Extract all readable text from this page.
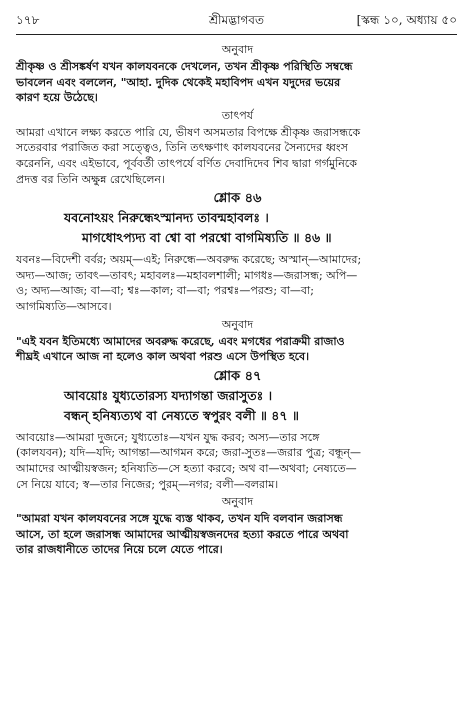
১৭৮	শ্রীমদ্ভাগবত	[স্কন্ধ ১০, অধ্যায় ৫০
অনুবাদ

শ্রীকৃষ্ণ ও শ্রীসঙ্কর্ষণ যখন কালযবনকে দেখলেন, তখন শ্রীকৃষ্ণ পরিস্থিতি সম্বন্ধে

ভাবলেন এবং বললেন, "আহা. দুদিক থেকেই মহাবিপদ এখন যদুদের ভয়ের

কারণ হয়ে উঠেছে।

তাৎপর্য

আমরা এখানে লক্ষ্য করতে পারি যে, ভীষণ অসমতার বিপক্ষে শ্রীকৃষ্ণ জরাসন্ধকে

সতেরবার পরাজিত করা সত্ত্বেও, তিনি তৎক্ষণাৎ কালযবনের সৈন্যদের ধ্বংস

করেননি, এবং এইভাবে, পূর্ববর্তী তাৎপর্যে বর্ণিত দেবাদিদেব শিব দ্বারা গর্গমুনিকে

প্রদত্ত বর তিনি অক্ষুন্ন রেখেছিলেন।

শ্লোক ৪৬

যবনোঽয়ং নিরুন্ধেঽস্মানদ্য তাবন্মহাবলঃ ।

মাগধোঽপ্যদ্য বা শ্বো বা পরশ্বো বাগমিষ্যতি ॥ ৪৬ ॥

যবনঃ—বিদেশী বর্বর; অয়ম্—এই; নিরুন্ধে—অবরুদ্ধ করেছে; অস্মান্—আমাদের;

অদ্য—আজ; তাবৎ—তাবৎ; মহাবলঃ—মহাবলশালী; মাগধঃ—জরাসন্ধ; অপি—

ও; অদ্য—আজ; বা—বা; শ্বঃ—কাল; বা—বা; পরশ্বঃ—পরশু; বা—বা;

আগমিষ্যতি—আসবে।

অনুবাদ

"এই যবন ইতিমধ্যে আমাদের অবরুদ্ধ করেছে, এবং মগধের পরাক্রমী রাজাও

শীঘ্রই এখানে আজ না হলেও কাল অথবা পরশু এসে উপস্থিত হবে।

শ্লোক ৪৭

আবয়োঃ যুধ্যতোরস্য যদ্যাগন্তা জরাসুতঃ ।

বন্ধন্ হনিষ্যত্যথ বা নেষ্যতে স্বপুরং বলী ॥ ৪৭ ॥

আবয়োঃ—আমরা দুজনে; যুধ্যতোঃ—যখন যুদ্ধ করব; অস্য—তার সঙ্গে

(কালযবন); যদি—যদি; আগন্তা—আগমন করে; জরা-সুতঃ—জরার পুত্র; বন্ধূন্—

আমাদের আত্মীয়স্বজন; হনিষ্যতি—সে হত্যা করবে; অথ বা—অথবা; নেষ্যতে—

সে নিয়ে যাবে; স্ব—তার নিজের; পুরম্—নগর; বলী—বলরাম।

অনুবাদ

"আমরা যখন কালযবনের সঙ্গে যুদ্ধে ব্যস্ত থাকব, তখন যদি বলবান জরাসন্ধ

আসে, তা হলে জরাসন্ধ আমাদের আত্মীয়স্বজনদের হত্যা করতে পারে অথবা

তার রাজধানীতে তাদের নিয়ে চলে যেতে পারে।
